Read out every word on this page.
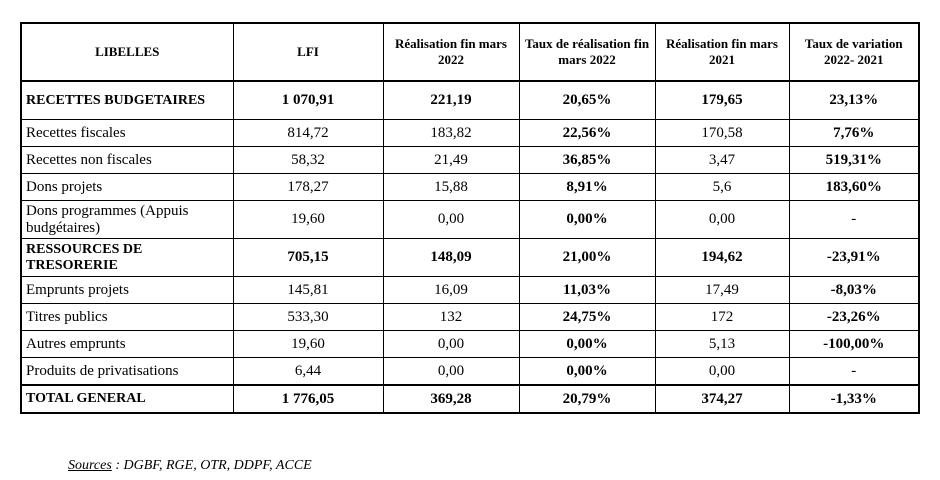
LIBELLES	LFI	Réalisation fin mars 2022	Taux de réalisation fin mars 2022	Réalisation fin mars 2021	Taux de variation 2022- 2021
RECETTES BUDGETAIRES	1 070,91	221,19	20,65%	179,65	23,13%
Recettes fiscales	814,72	183,82	22,56%	170,58	7,76%
Recettes non fiscales	58,32	21,49	36,85%	3,47	519,31%
Dons projets	178,27	15,88	8,91%	5,6	183,60%
Dons programmes (Appuis budgétaires)	19,60	0,00	0,00%	0,00	-
RESSOURCES DE TRESORERIE	705,15	148,09	21,00%	194,62	-23,91%
Emprunts projets	145,81	16,09	11,03%	17,49	-8,03%
Titres publics	533,30	132	24,75%	172	-23,26%
Autres emprunts	19,60	0,00	0,00%	5,13	-100,00%
Produits de privatisations	6,44	0,00	0,00%	0,00	-
TOTAL GENERAL	1 776,05	369,28	20,79%	374,27	-1,33%
Sources : DGBF, RGE, OTR, DDPF, ACCE
